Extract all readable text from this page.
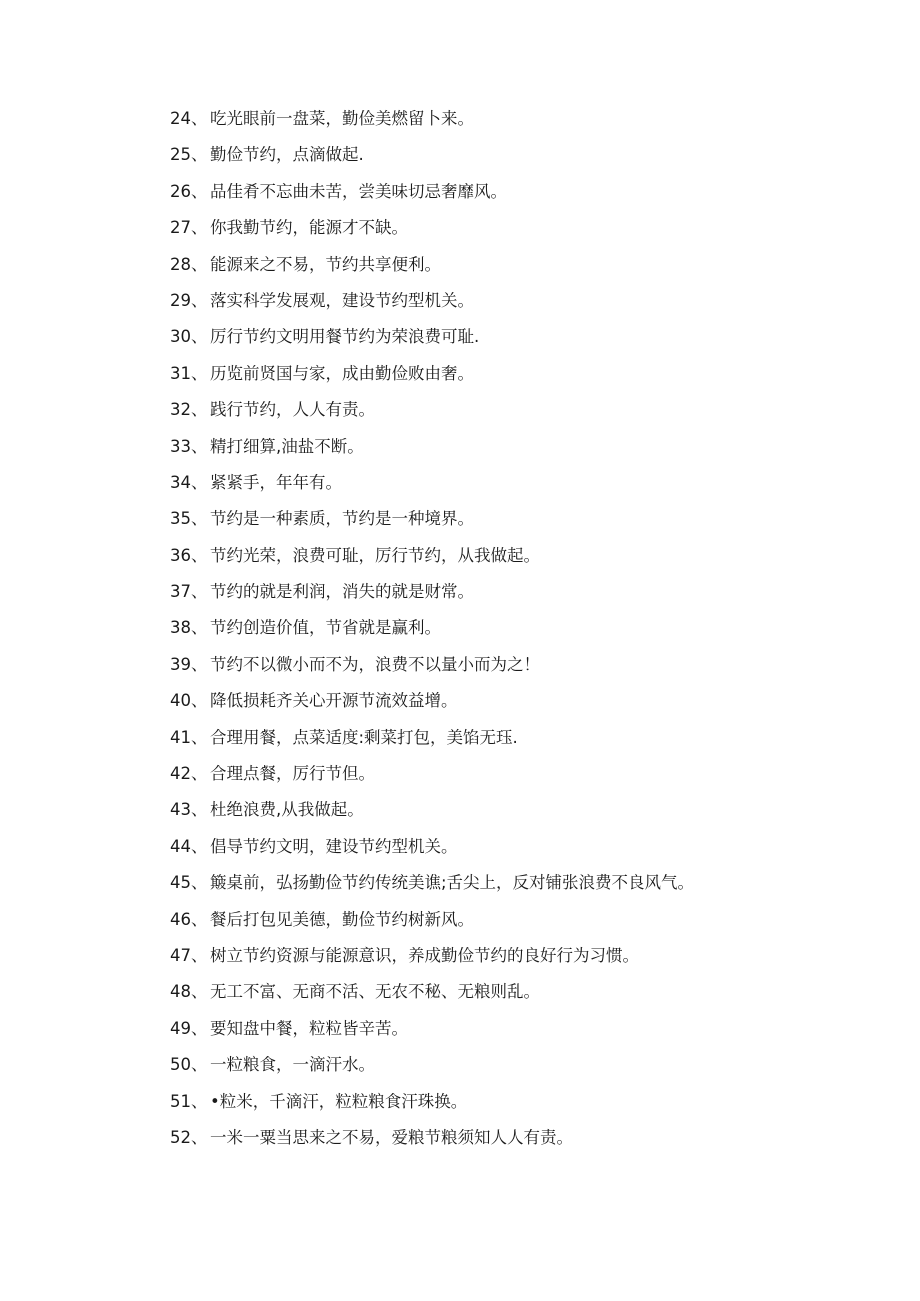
24、 吃光眼前一盘菜，勤俭美燃留卜来。
25、 勤俭节约，点滴做起.
26、 品佳肴不忘曲未苦，尝美味切忌奢靡风。
27、 你我勤节约，能源才不缺。
28、 能源来之不易，节约共享便利。
29、 落实科学发展观，建设节约型机关。
30、 厉行节约文明用餐节约为荣浪费可耻.
31、 历览前贤国与家，成由勤俭败由奢。
32、 践行节约，人人有责。
33、 精打细算,油盐不断。
34、 紧紧手，年年有。
35、 节约是一种素质，节约是一种境界。
36、 节约光荣，浪费可耻，厉行节约，从我做起。
37、 节约的就是利润，消失的就是财常。
38、 节约创造价值，节省就是赢利。
39、 节约不以微小而不为，浪费不以量小而为之！
40、 降低损耗齐关心开源节流效益增。
41、 合理用餐，点菜适度:剩菜打包，美馅无珏.
42、 合理点餐，厉行节但。
43、 杜绝浪费,从我做起。
44、 倡导节约文明，建设节约型机关。
45、 簸桌前，弘扬勤俭节约传统美谯;舌尖上，反对铺张浪费不良风气。
46、 餐后打包见美德，勤俭节约树新风。
47、 树立节约资源与能源意识，养成勤俭节约的良好行为习惯。
48、 无工不富、无商不活、无农不秘、无粮则乱。
49、 要知盘中餐，粒粒皆辛苦。
50、 一粒粮食，一滴汗水。
51、 •粒米，千滴汗，粒粒粮食汗珠换。
52、 一米一粟当思来之不易，爱粮节粮须知人人有责。
